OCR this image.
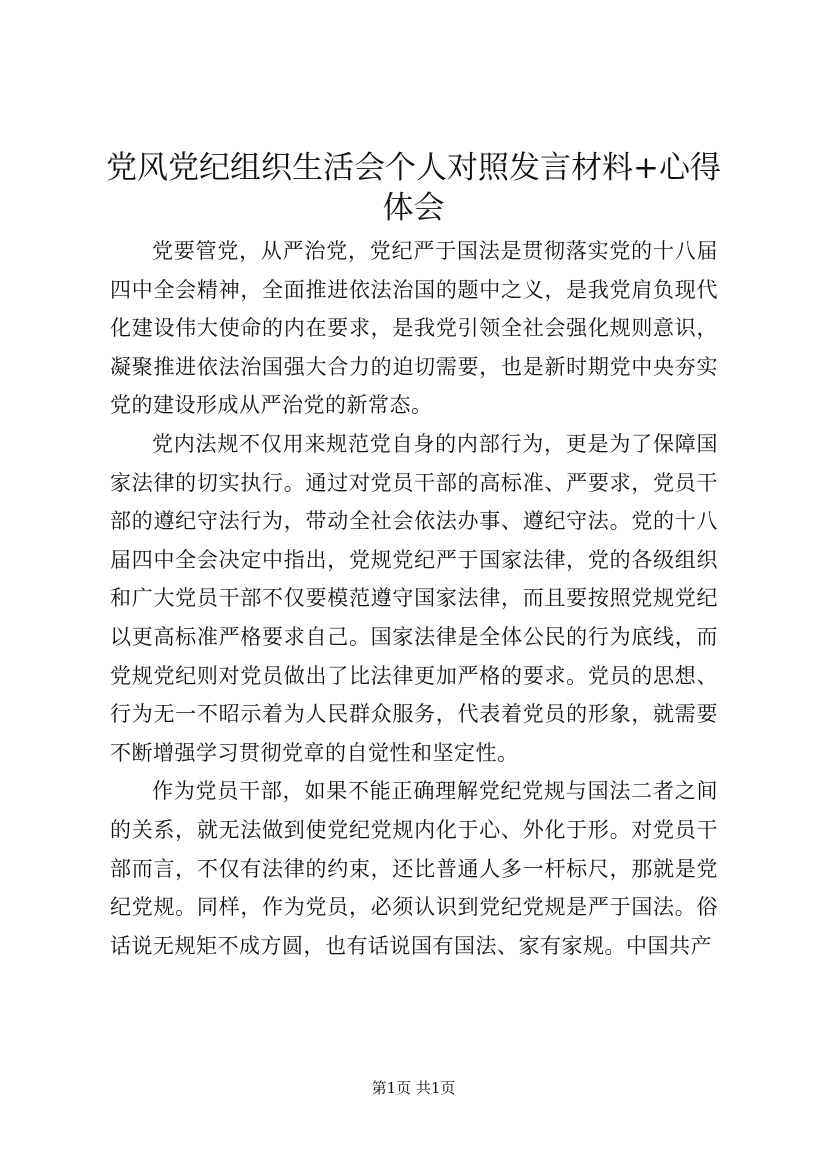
党风党纪组织生活会个人对照发言材料+心得体会

党要管党，从严治党，党纪严于国法是贯彻落实党的十八届四中全会精神，全面推进依法治国的题中之义，是我党肩负现代化建设伟大使命的内在要求，是我党引领全社会强化规则意识，凝聚推进依法治国强大合力的迫切需要，也是新时期党中央夯实党的建设形成从严治党的新常态。

党内法规不仅用来规范党自身的内部行为，更是为了保障国家法律的切实执行。通过对党员干部的高标准、严要求，党员干部的遵纪守法行为，带动全社会依法办事、遵纪守法。党的十八届四中全会决定中指出，党规党纪严于国家法律，党的各级组织和广大党员干部不仅要模范遵守国家法律，而且要按照党规党纪以更高标准严格要求自己。国家法律是全体公民的行为底线，而党规党纪则对党员做出了比法律更加严格的要求。党员的思想、行为无一不昭示着为人民群众服务，代表着党员的形象，就需要不断增强学习贯彻党章的自觉性和坚定性。

作为党员干部，如果不能正确理解党纪党规与国法二者之间的关系，就无法做到使党纪党规内化于心、外化于形。对党员干部而言，不仅有法律的约束，还比普通人多一杆标尺，那就是党纪党规。同样，作为党员，必须认识到党纪党规是严于国法。俗话说无规矩不成方圆，也有话说国有国法、家有家规。中国共产

第1页 共1页
